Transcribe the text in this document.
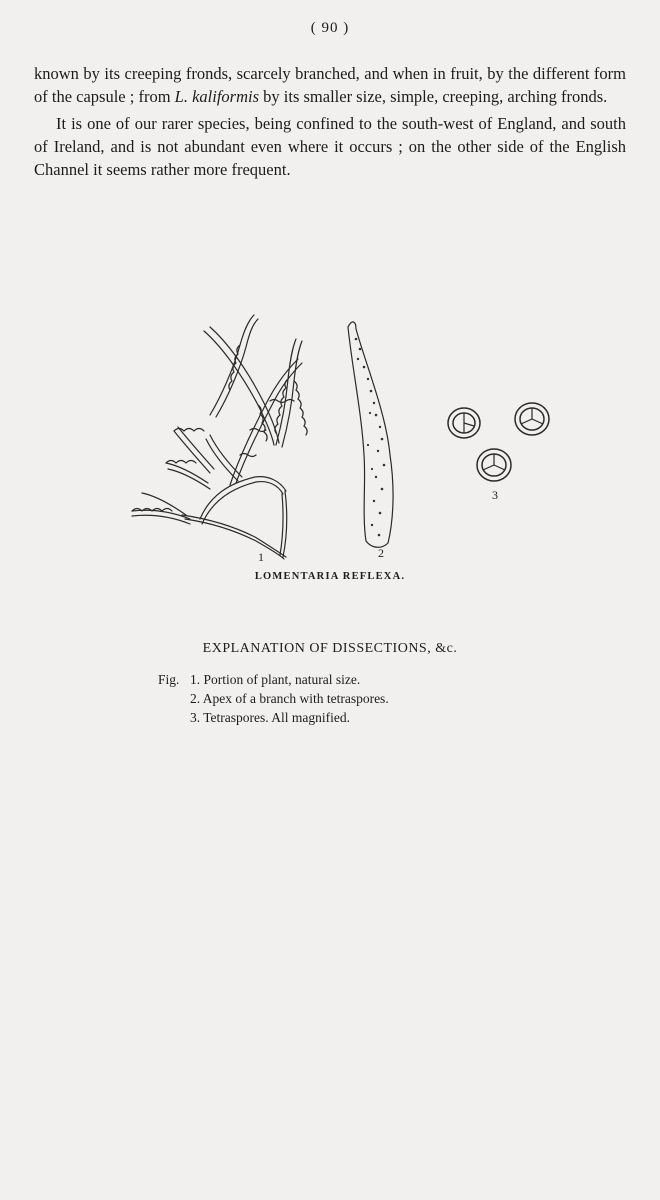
( 90 )

known by its creeping fronds, scarcely branched, and when in fruit, by the different form of the capsule ; from L. kaliformis by its smaller size, simple, creeping, arching fronds.

It is one of our rarer species, being confined to the south-west of England, and south of Ireland, and is not abundant even where it occurs ; on the other side of the English Channel it seems rather more frequent.

1	2
3
LOMENTARIA REFLEXA.
EXPLANATION OF DISSECTIONS, &c.
Fig. 1. Portion of plant, natural size.
2. Apex of a branch with tetraspores.
3. Tetraspores. All magnified.
